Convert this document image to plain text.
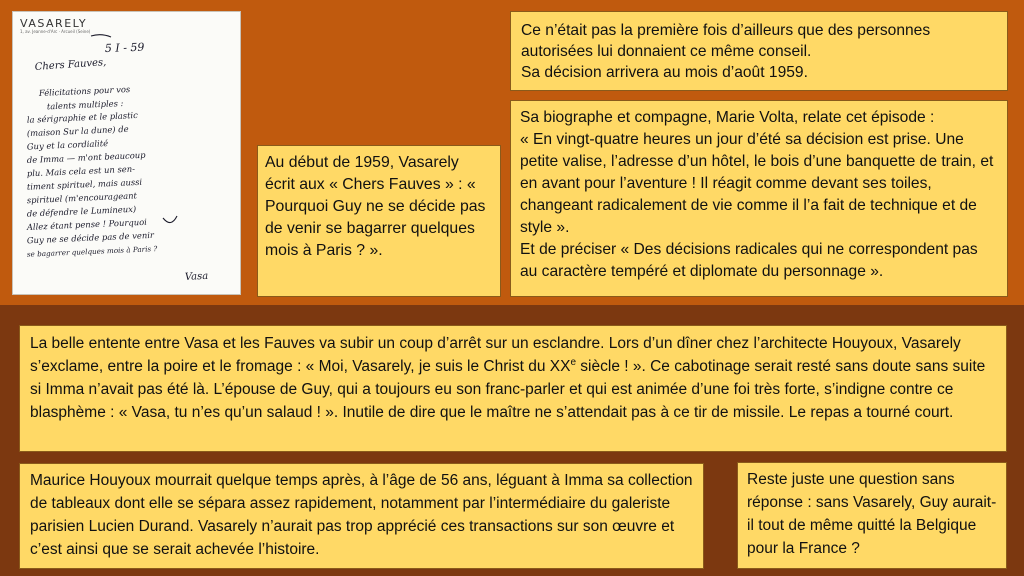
VASARELY
1, av. Jeanne-d'Arc · Arcueil (Seine)
5 I - 59
Chers Fauves,
Félicitations pour vos
talents multiples :
la sérigraphie et le plastic
(maison Sur la dune) de
Guy et la cordialité
de Imma — m'ont beaucoup
plu. Mais cela est un sen-
timent spirituel, mais aussi
spirituel (m'encourageant
de défendre le Lumineux)
Allez étant pense ! Pourquoi
Guy ne se décide pas de venir
se bagarrer quelques mois à Paris ?
Vasa

Au début de 1959, Vasarely écrit aux « Chers Fauves » : « Pourquoi Guy ne se décide pas de venir se bagarrer quelques mois à Paris ? ».

Ce n’était pas la première fois d’ailleurs que des personnes autorisées lui donnaient ce même conseil.

Sa décision arrivera au mois d’août 1959.

Sa biographe et compagne, Marie Volta, relate cet épisode :

« En vingt-quatre heures un jour d’été sa décision est prise. Une petite valise, l’adresse d’un hôtel, le bois d’une banquette de train, et en avant pour l’aventure ! Il réagit comme devant ses toiles, changeant radicalement de vie comme il l’a fait de technique et de style ».

Et de préciser « Des décisions radicales qui ne correspondent pas au caractère tempéré et diplomate du personnage ».

La belle entente entre Vasa et les Fauves va subir un coup d’arrêt sur un esclandre. Lors d’un dîner chez l’architecte Houyoux, Vasarely s’exclame, entre la poire et le fromage : « Moi, Vasarely, je suis le Christ du XXe siècle ! ». Ce cabotinage serait resté sans doute sans suite si Imma n’avait pas été là. L’épouse de Guy, qui a toujours eu son franc-parler et qui est animée d’une foi très forte, s’indigne contre ce blasphème : « Vasa, tu n’es qu’un salaud ! ». Inutile de dire que le maître ne s’attendait pas à ce tir de missile. Le repas a tourné court.

Maurice Houyoux mourrait quelque temps après, à l’âge de 56 ans, léguant à Imma sa collection de tableaux dont elle se sépara assez rapidement, notamment par l’intermédiaire du galeriste parisien Lucien Durand. Vasarely n’aurait pas trop apprécié ces transactions sur son œuvre et c’est ainsi que se serait achevée l’histoire.

Reste juste une question sans réponse : sans Vasarely, Guy aurait-il tout de même quitté la Belgique pour la France ?
